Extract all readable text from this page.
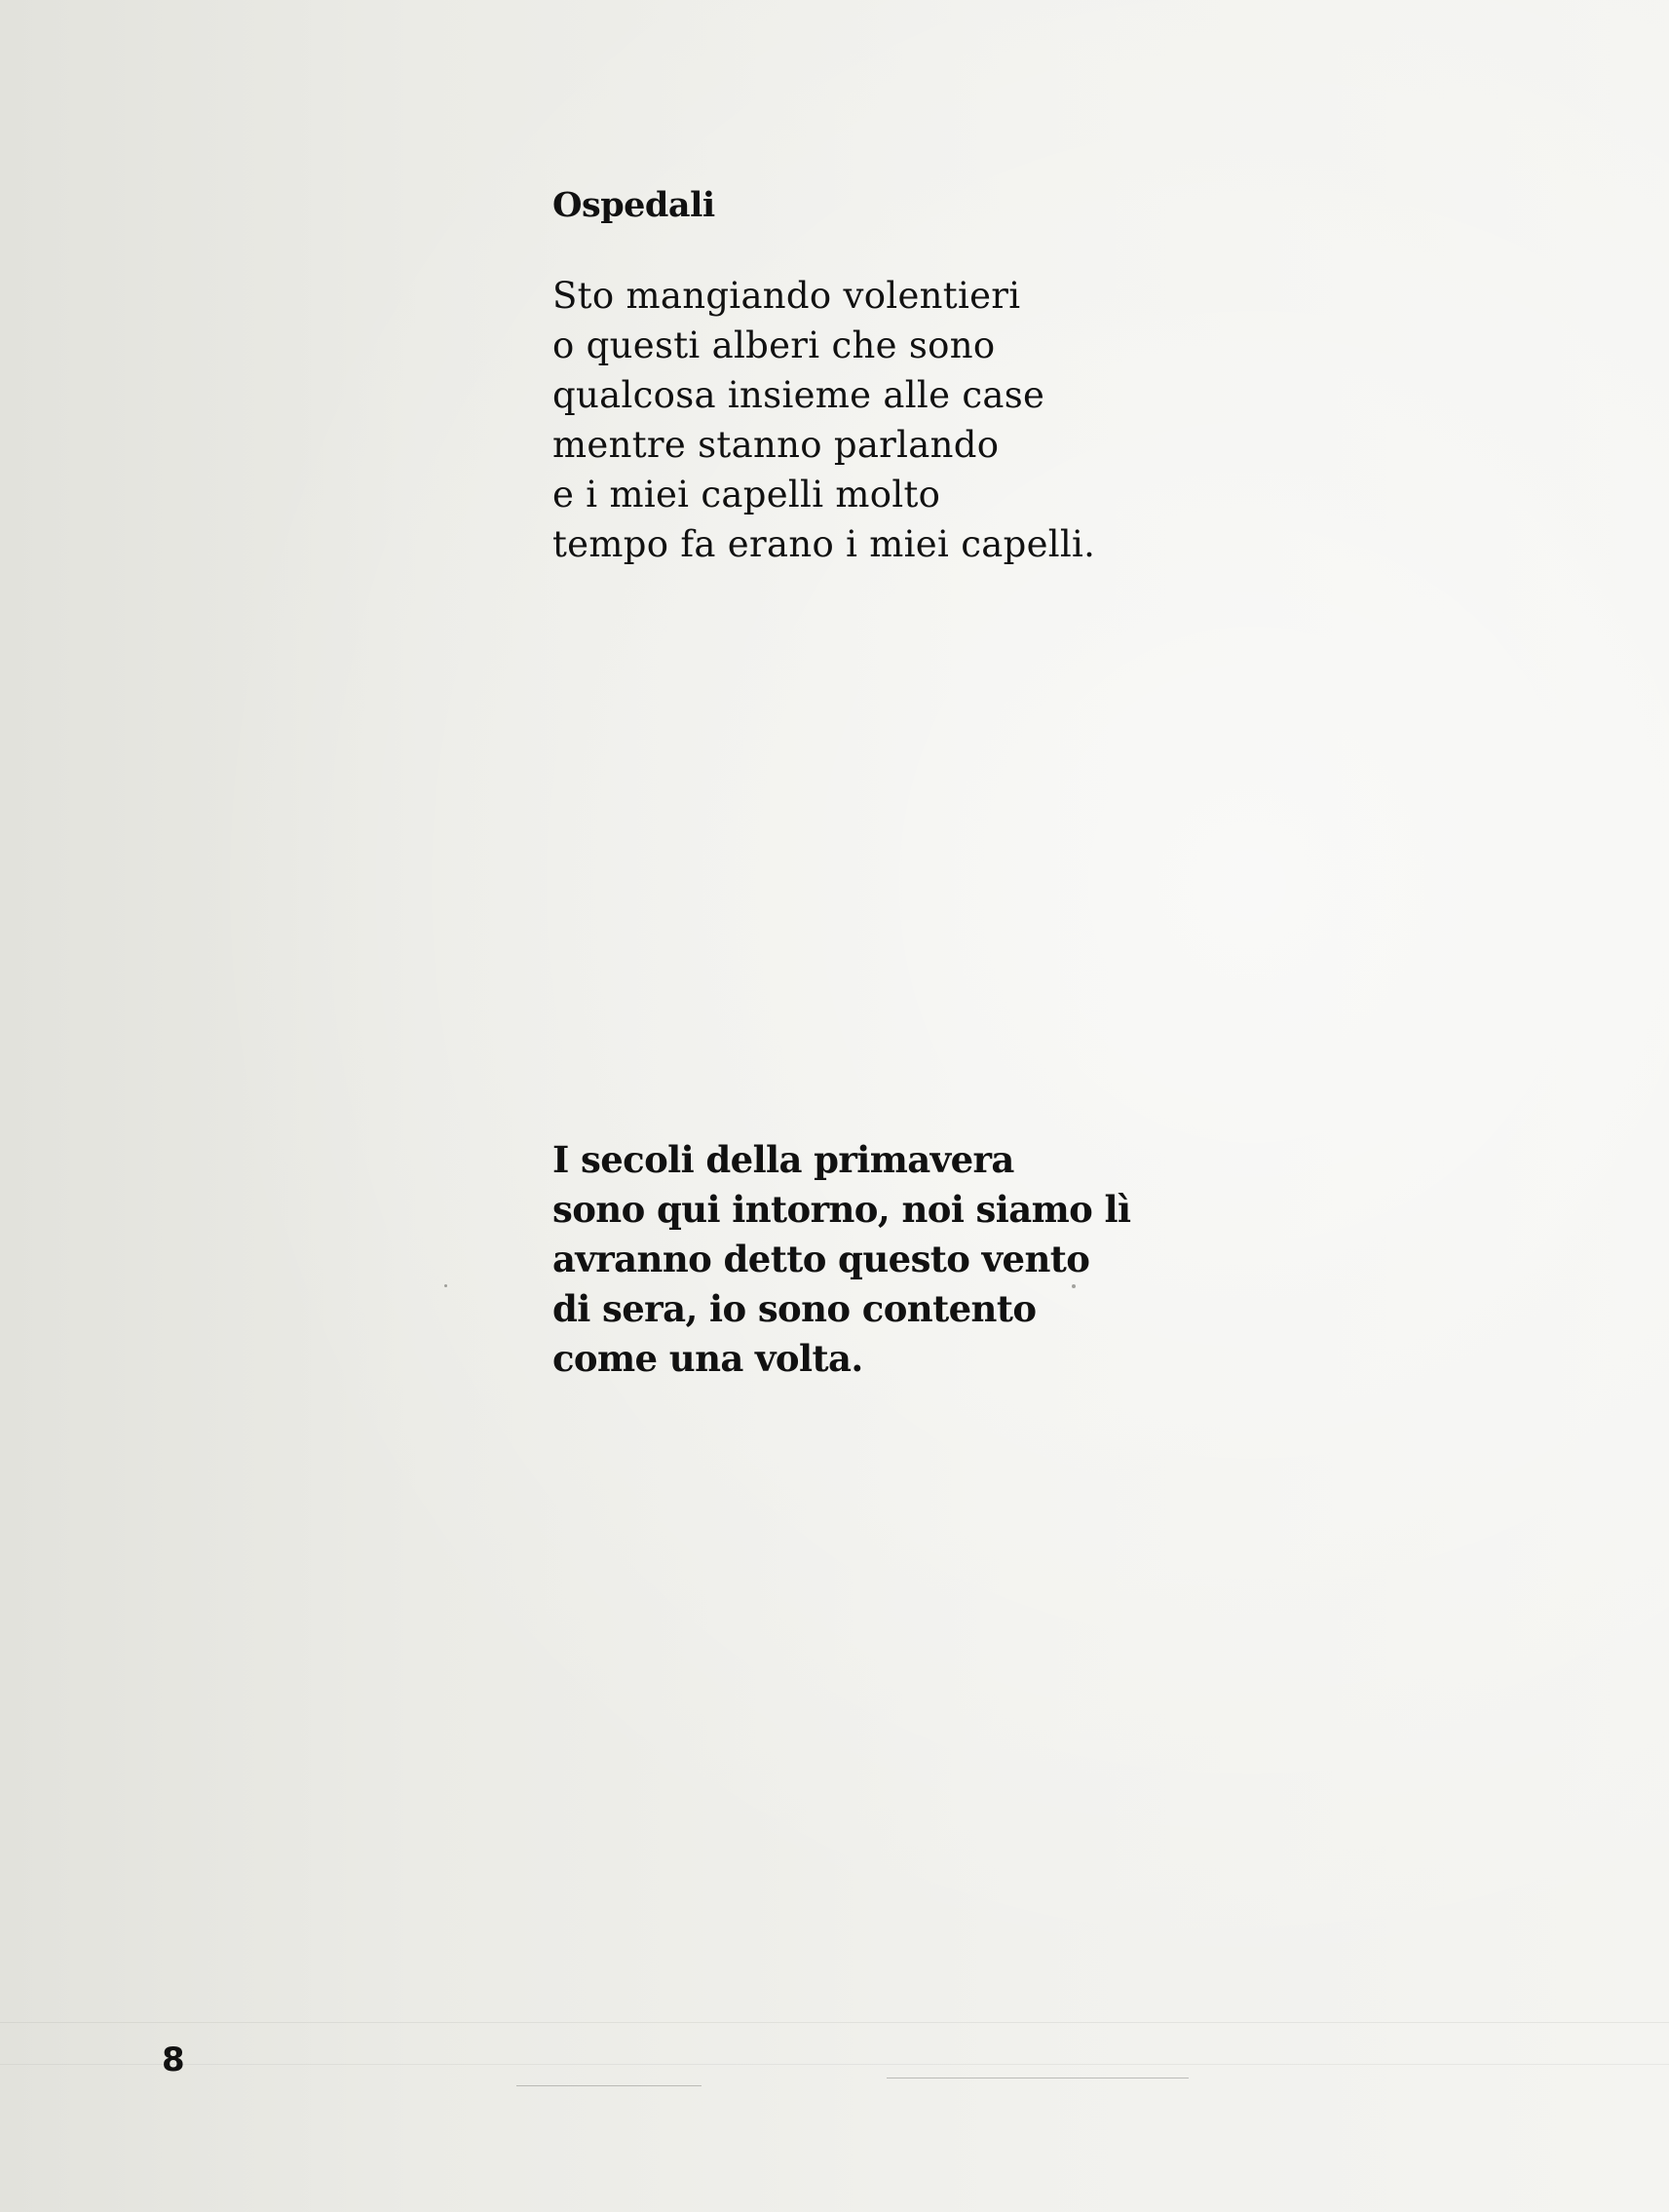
Ospedali
Sto mangiando volentieri
o questi alberi che sono
qualcosa insieme alle case
mentre stanno parlando
e i miei capelli molto
tempo fa erano i miei capelli.
I secoli della primavera
sono qui intorno, noi siamo lì
avranno detto questo vento
di sera, io sono contento
come una volta.
8
